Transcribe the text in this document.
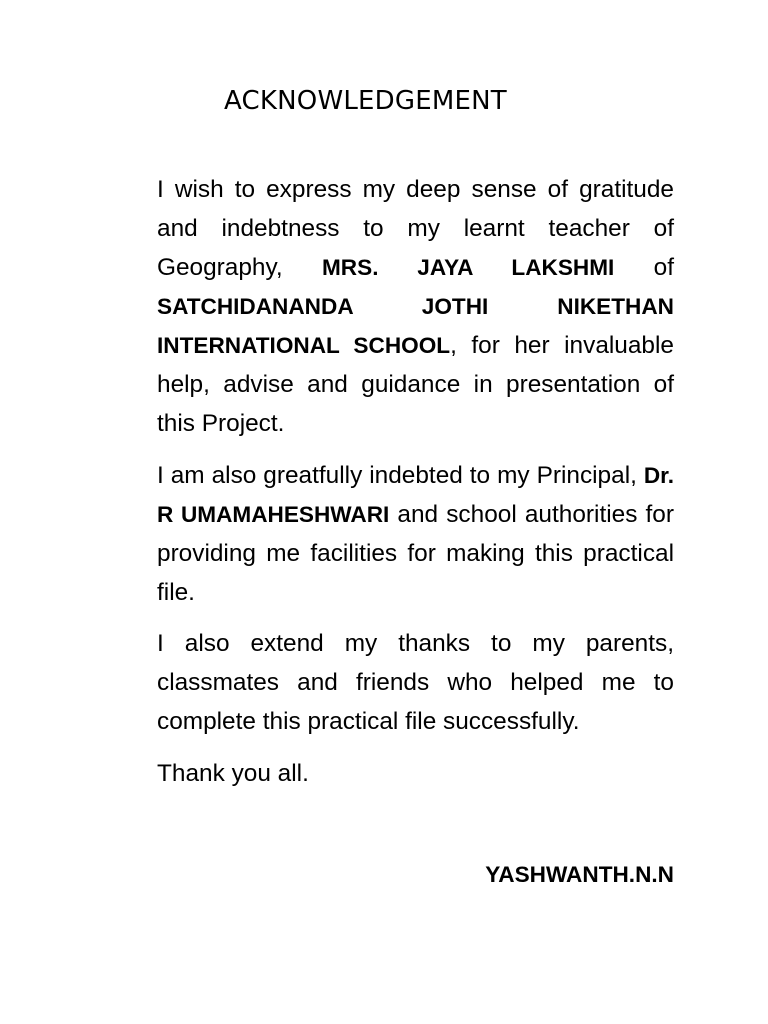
ACKNOWLEDGEMENT

I wish to express my deep sense of gratitude and indebtness to my learnt teacher of Geography, MRS. JAYA LAKSHMI of SATCHIDANANDA JOTHI NIKETHAN INTERNATIONAL SCHOOL, for her invaluable help, advise and guidance in presentation of this Project.

I am also greatfully indebted to my Principal, Dr. R UMAMAHESHWARI and school authorities for providing me facilities for making this practical file.

I also extend my thanks to my parents, classmates and friends who helped me to complete this practical file successfully.

Thank you all.

YASHWANTH.N.N
